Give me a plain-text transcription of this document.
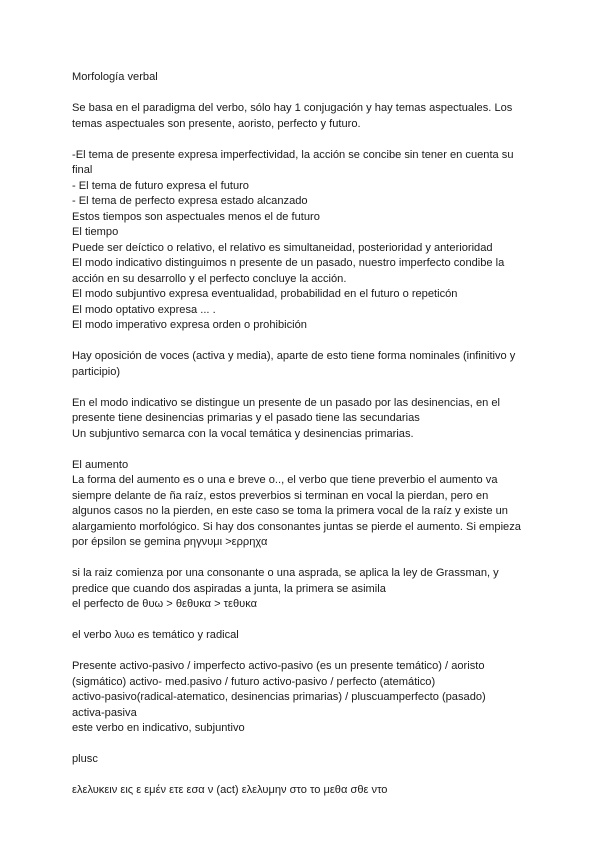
Morfología verbal

Se basa en el paradigma del verbo, sólo hay 1 conjugación y hay temas aspectuales. Los
temas aspectuales son presente, aoristo, perfecto y futuro.

-El tema de presente expresa imperfectividad, la acción se concibe sin tener en cuenta su
final
- El tema de futuro expresa el futuro
- El tema de perfecto expresa estado alcanzado
Estos tiempos son aspectuales menos el de futuro
El tiempo
Puede ser deíctico o relativo, el relativo es simultaneidad, posterioridad y anterioridad
El modo indicativo distinguimos n presente de un pasado, nuestro imperfecto condibe la
acción en su desarrollo y el perfecto concluye la acción.
El modo subjuntivo expresa eventualidad, probabilidad en el futuro o repeticón
El modo optativo expresa ... .
El modo imperativo expresa orden o prohibición

Hay oposición de voces (activa y media), aparte de esto tiene forma nominales (infinitivo y
participio)

En el modo indicativo se distingue un presente de un pasado por las desinencias, en el
presente tiene desinencias primarias y el pasado tiene las secundarias
Un subjuntivo semarca con la vocal temática y desinencias primarias.

El aumento
La forma del aumento es o una e breve o.., el verbo que tiene preverbio el aumento va
siempre delante de ña raíz, estos preverbios si terminan en vocal la pierdan, pero en
algunos casos no la pierden, en este caso se toma la primera vocal de la raíz y existe un
alargamiento morfológico. Si hay dos consonantes juntas se pierde el aumento. Si empieza
por épsilon se gemina ρηγνυμι >ερρηχα

si la raiz comienza por una consonante o una asprada, se aplica la ley de Grassman, y
predice que cuando dos aspiradas a junta, la primera se asimila
el perfecto de θυω > θεθυκα > τεθυκα

el verbo λυω es temático y radical

Presente activo-pasivo / imperfecto activo-pasivo (es un presente temático) / aoristo
(sigmático) activo- med.pasivo / futuro activo-pasivo / perfecto (atemático)
activo-pasivo(radical-atematico, desinencias primarias) / pluscuamperfecto (pasado)
activa-pasiva
este verbo en indicativo, subjuntivo

plusc

ελελυκειν εις ε εμέν ετε εσα ν (act) ελελυμην στο το μεθα σθε ντο
